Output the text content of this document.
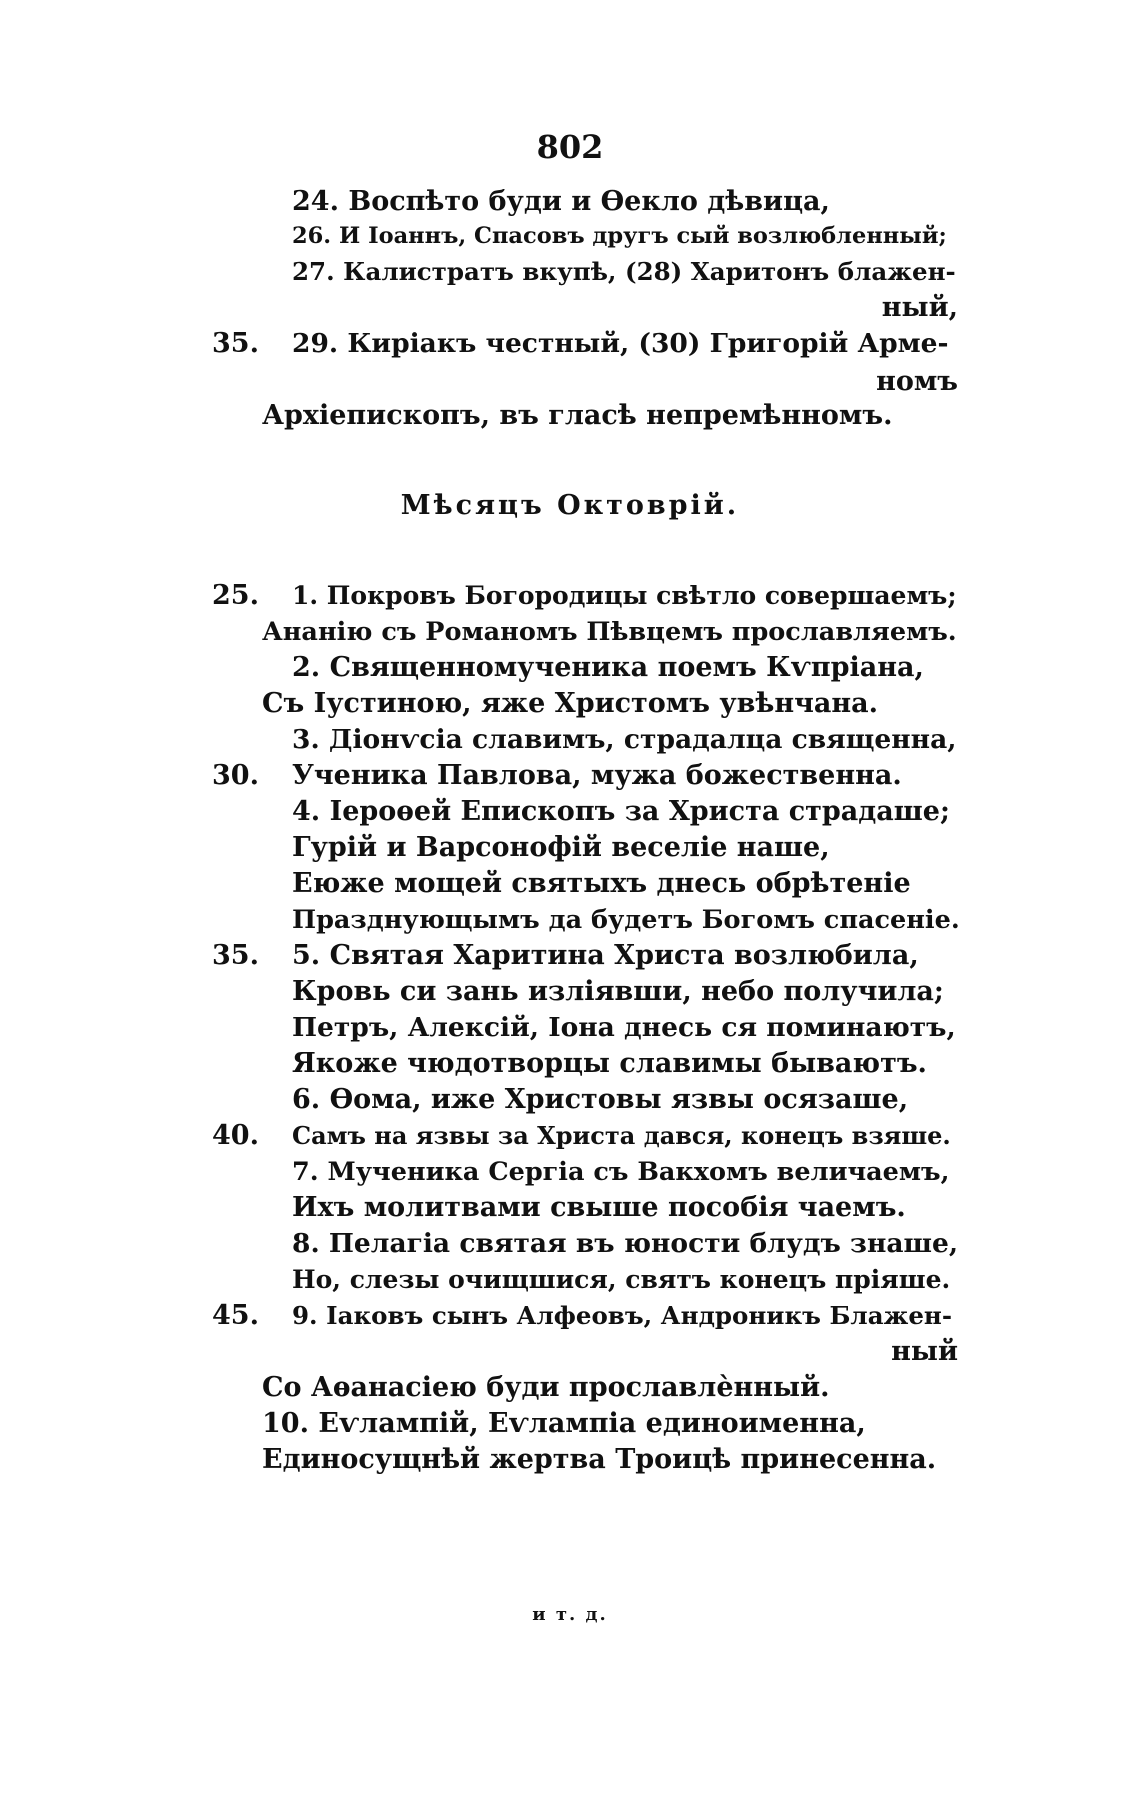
802
24. Воспѣто буди и Ѳекло дѣвица,
26. И Іоаннъ, Спасовъ другъ сый возлюбленный;
27. Калистратъ вкупѣ, (28) Харитонъ блажен-
ный,
35. 29. Киріакъ честный, (30) Григорій Арме-
номъ
Архіепископъ, въ гласѣ непремѣнномъ.
Мѣсяцъ Октоврій.
25. 1. Покровъ Богородицы свѣтло совершаемъ;
Ананію съ Романомъ Пѣвцемъ прославляемъ.
2. Священномученика поемъ Кѵпріана,
Съ Іустиною, яже Христомъ увѣнчана.
3. Діонѵсіа славимъ, страдалца священна,
30. Ученика Павлова, мужа божественна.
4. Іероѳей Епископъ за Христа страдаше;
Гурій и Варсонофій веселіе наше,
Еюже мощей святыхъ днесь обрѣтеніе
Празднующымъ да будетъ Богомъ спасеніе.
35. 5. Святая Харитина Христа возлюбила,
Кровь си зань изліявши, небо получила;
Петръ, Алексій, Іона днесь ся поминаютъ,
Якоже чюдотворцы славимы бываютъ.
6. Ѳома, иже Христовы язвы осязаше,
40. Самъ на язвы за Христа дався, конецъ взяше.
7. Мученика Сергіа съ Вакхомъ величаемъ,
Ихъ молитвами свыше пособія чаемъ.
8. Пелагіа святая въ юности блудъ знаше,
Но, слезы очищшися, святъ конецъ пріяше.
45. 9. Іаковъ сынъ Алфеовъ, Андроникъ Блажен-
ный
Со Аѳанасіею буди прославлѐнный.
10. Еѵлампій, Еѵлампіа единоименна,
Единосущнѣй жертва Троицѣ принесенна.
и т. д.
